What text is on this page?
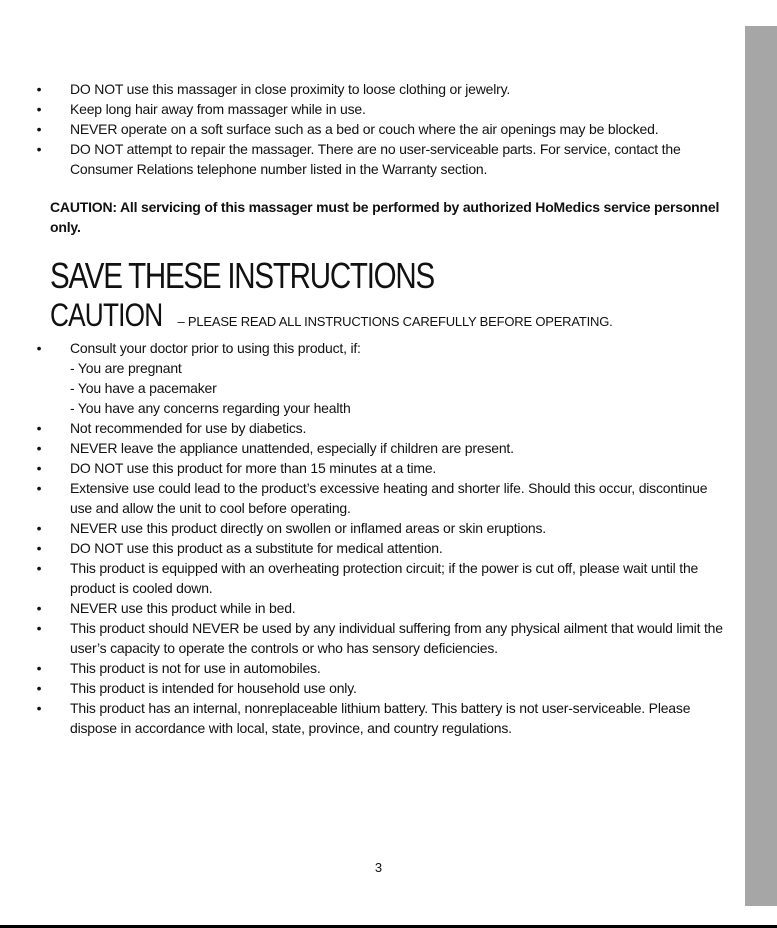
• DO NOT use this massager in close proximity to loose clothing or jewelry.
• Keep long hair away from massager while in use.
• NEVER operate on a soft surface such as a bed or couch where the air openings may be blocked.
• DO NOT attempt to repair the massager. There are no user-serviceable parts. For service, contact the Consumer Relations telephone number listed in the Warranty section.

CAUTION: All servicing of this massager must be performed by authorized HoMedics service personnel only.

SAVE THESE INSTRUCTIONS
CAUTION – PLEASE READ ALL INSTRUCTIONS CAREFULLY BEFORE OPERATING.
• Consult your doctor prior to using this product, if:
- You are pregnant
- You have a pacemaker
- You have any concerns regarding your health
• Not recommended for use by diabetics.
• NEVER leave the appliance unattended, especially if children are present.
• DO NOT use this product for more than 15 minutes at a time.
• Extensive use could lead to the product’s excessive heating and shorter life. Should this occur, discontinue use and allow the unit to cool before operating.
• NEVER use this product directly on swollen or inflamed areas or skin eruptions.
• DO NOT use this product as a substitute for medical attention.
• This product is equipped with an overheating protection circuit; if the power is cut off, please wait until the product is cooled down.
• NEVER use this product while in bed.
• This product should NEVER be used by any individual suffering from any physical ailment that would limit the user’s capacity to operate the controls or who has sensory deficiencies.
• This product is not for use in automobiles.
• This product is intended for household use only.
• This product has an internal, nonreplaceable lithium battery. This battery is not user-serviceable. Please dispose in accordance with local, state, province, and country regulations.
3
